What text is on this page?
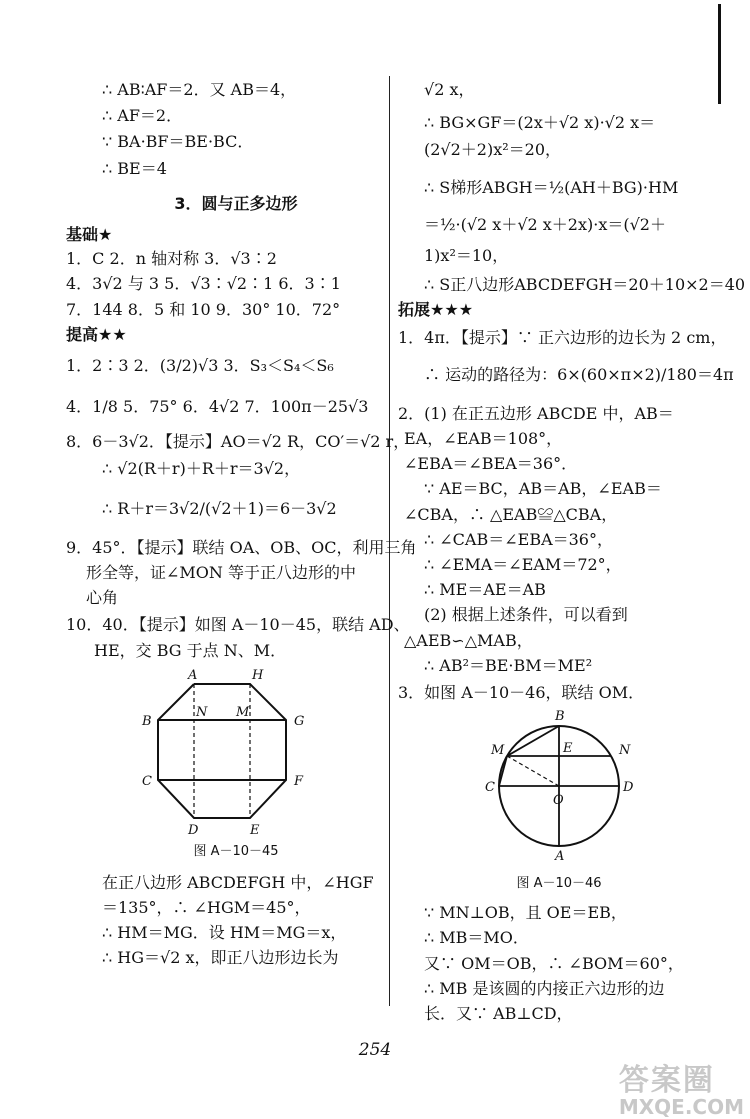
∴ AB∶AF＝2．又 AB＝4，
∴ AF＝2．
∵ BA·BF＝BE·BC．
∴ BE＝4
3．圆与正多边形
基础★
1．C 2．n 轴对称 3．√3∶2
4．3√2 与 3 5．√3∶√2∶1 6．3∶1
7．144 8．5 和 10 9．30° 10．72°
提高★★
1．2∶3 2．(3/2)√3 3．S₃＜S₄＜S₆
4．1/8 5．75° 6．4√2 7．100π－25√3
8．6－3√2．【提示】AO＝√2 R，CO′＝√2 r，
∴ √2(R＋r)＋R＋r＝3√2，
∴ R＋r＝3√2/(√2＋1)＝6－3√2
9．45°．【提示】联结 OA、OB、OC，利用三角
形全等，证∠MON 等于正八边形的中
心角
10．40．【提示】如图 A－10－45，联结 AD、
HE，交 BG 于点 N、M．
A	H
B
N M
G
C	F
D	E
图 A－10－45
在正八边形 ABCDEFGH 中，∠HGF
＝135°，∴ ∠HGM＝45°，
∴ HM＝MG．设 HM＝MG＝x，
∴ HG＝√2 x，即正八边形边长为
√2 x，
∴ BG×GF＝(2x＋√2 x)·√2 x＝
(2√2＋2)x²＝20，
∴ S梯形ABGH＝½(AH＋BG)·HM
＝½·(√2 x＋√2 x＋2x)·x＝(√2＋
1)x²＝10，
∴ S正八边形ABCDEFGH＝20＋10×2＝40
拓展★★★
1．4π．【提示】∵ 正六边形的边长为 2 cm，
∴ 运动的路径为：6×(60×π×2)/180＝4π
2．(1) 在正五边形 ABCDE 中，AB＝
EA，∠EAB＝108°，
∠EBA＝∠BEA＝36°．
∵ AE＝BC，AB＝AB，∠EAB＝
∠CBA，∴ △EAB≌△CBA，
∴ ∠CAB＝∠EBA＝36°，
∴ ∠EMA＝∠EAM＝72°，
∴ ME＝AE＝AB
(2) 根据上述条件，可以看到
△AEB∽△MAB，
∴ AB²＝BE·BM＝ME²
3．如图 A－10－46，联结 OM．
B
M	E	N
C
O
D
A
图 A－10－46
∵ MN⊥OB，且 OE＝EB，
∴ MB＝MO．
又∵ OM＝OB，∴ ∠BOM＝60°，
∴ MB 是该圆的内接正六边形的边
长．又∵ AB⊥CD，
254
答案圈
MXQE.COM
